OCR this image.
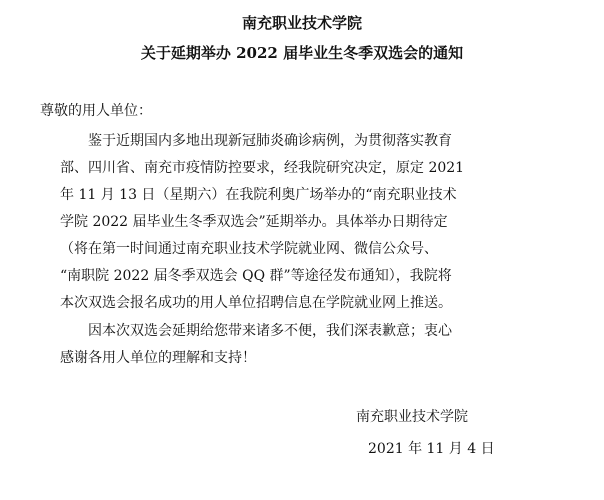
南充职业技术学院
关于延期举办 2022 届毕业生冬季双选会的通知
尊敬的用人单位：
鉴于近期国内多地出现新冠肺炎确诊病例，为贯彻落实教育
部、四川省、南充市疫情防控要求，经我院研究决定，原定 2021
年 11 月 13 日（星期六）在我院利奥广场举办的“南充职业技术
学院 2022 届毕业生冬季双选会”延期举办。具体举办日期待定
（将在第一时间通过南充职业技术学院就业网、微信公众号、
“南职院 2022 届冬季双选会 QQ 群”等途径发布通知），我院将
本次双选会报名成功的用人单位招聘信息在学院就业网上推送。
因本次双选会延期给您带来诸多不便，我们深表歉意；衷心
感谢各用人单位的理解和支持！
南充职业技术学院
2021 年 11 月 4 日
